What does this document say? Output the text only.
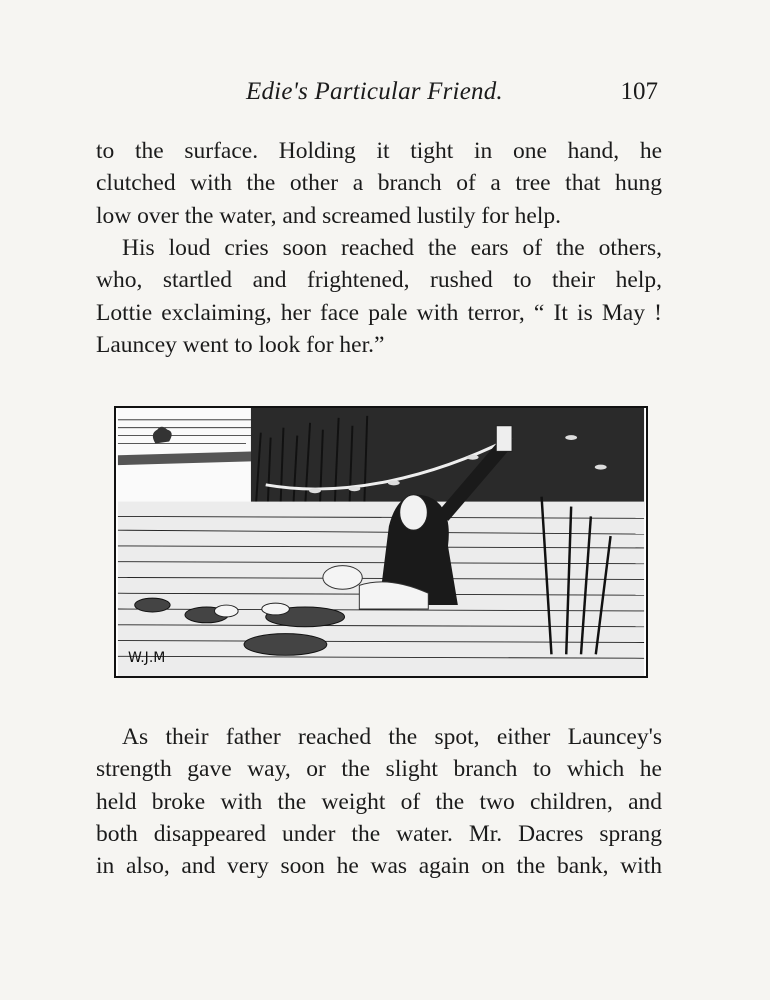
Edie's Particular Friend.	107

to the surface. Holding it tight in one hand, he
clutched with the other a branch of a tree that hung
low over the water, and screamed lustily for help.

His loud cries soon reached the ears of the others,
who, startled and frightened, rushed to their help,
Lottie exclaiming, her face pale with terror, “ It is May !
Launcey went to look for her.”

W.J.M

As their father reached the spot, either Launcey's
strength gave way, or the slight branch to which he
held broke with the weight of the two children, and
both disappeared under the water. Mr. Dacres sprang
in also, and very soon he was again on the bank, with
